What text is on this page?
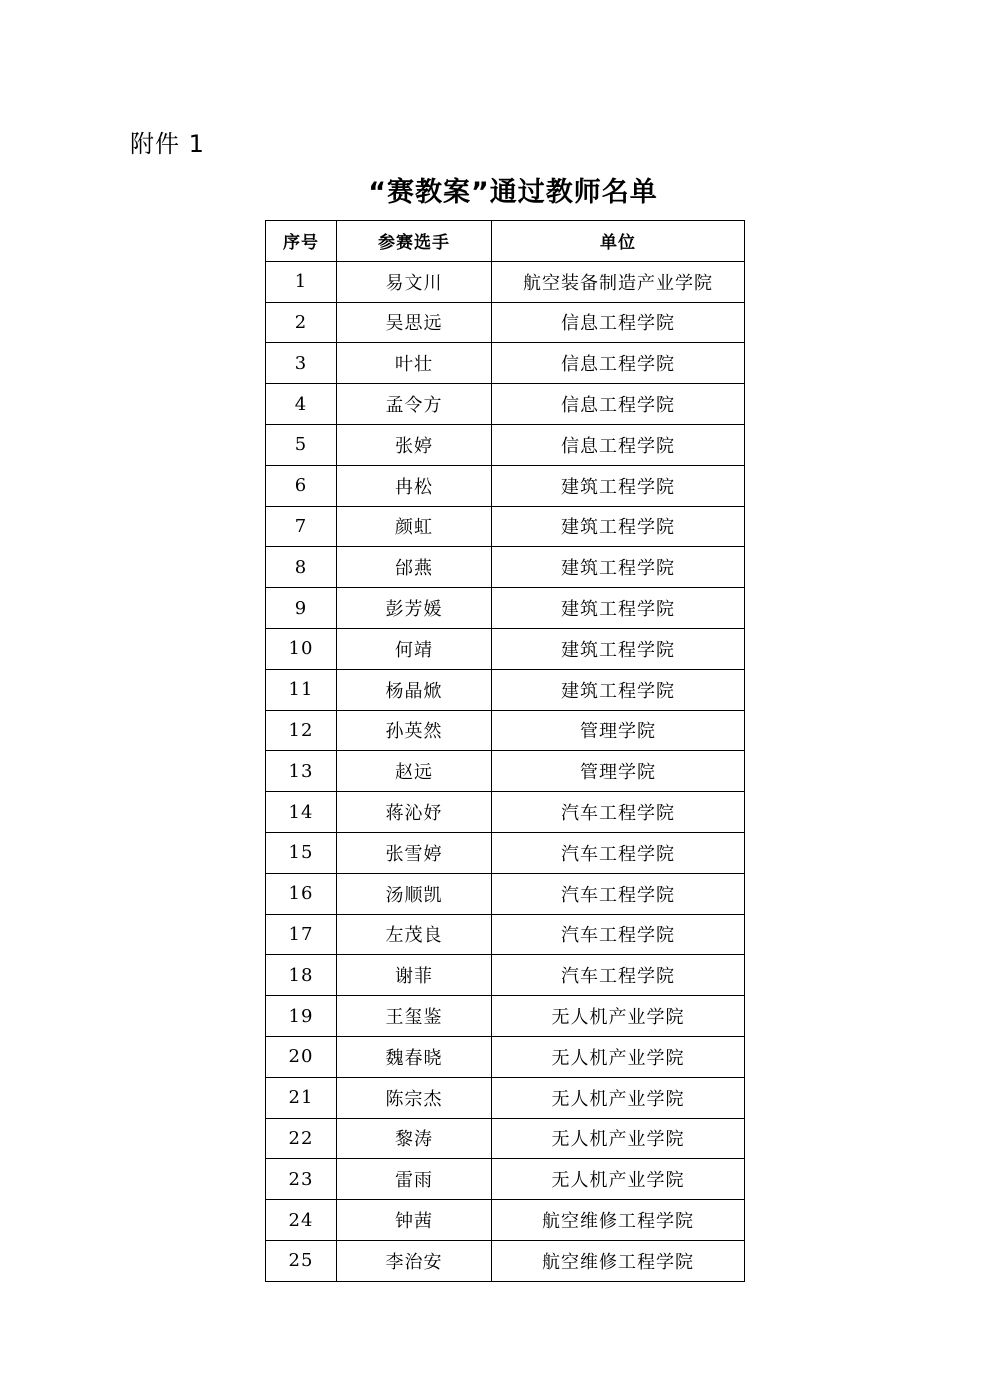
附件 1
“赛教案”通过教师名单
序号	参赛选手	单位
1	易文川	航空装备制造产业学院
2	吴思远	信息工程学院
3	叶壮	信息工程学院
4	孟令方	信息工程学院
5	张婷	信息工程学院
6	冉松	建筑工程学院
7	颜虹	建筑工程学院
8	邰燕	建筑工程学院
9	彭芳媛	建筑工程学院
10	何靖	建筑工程学院
11	杨晶焮	建筑工程学院
12	孙英然	管理学院
13	赵远	管理学院
14	蒋沁妤	汽车工程学院
15	张雪婷	汽车工程学院
16	汤顺凯	汽车工程学院
17	左茂良	汽车工程学院
18	谢菲	汽车工程学院
19	王玺鉴	无人机产业学院
20	魏春晓	无人机产业学院
21	陈宗杰	无人机产业学院
22	黎涛	无人机产业学院
23	雷雨	无人机产业学院
24	钟茜	航空维修工程学院
25	李治安	航空维修工程学院
